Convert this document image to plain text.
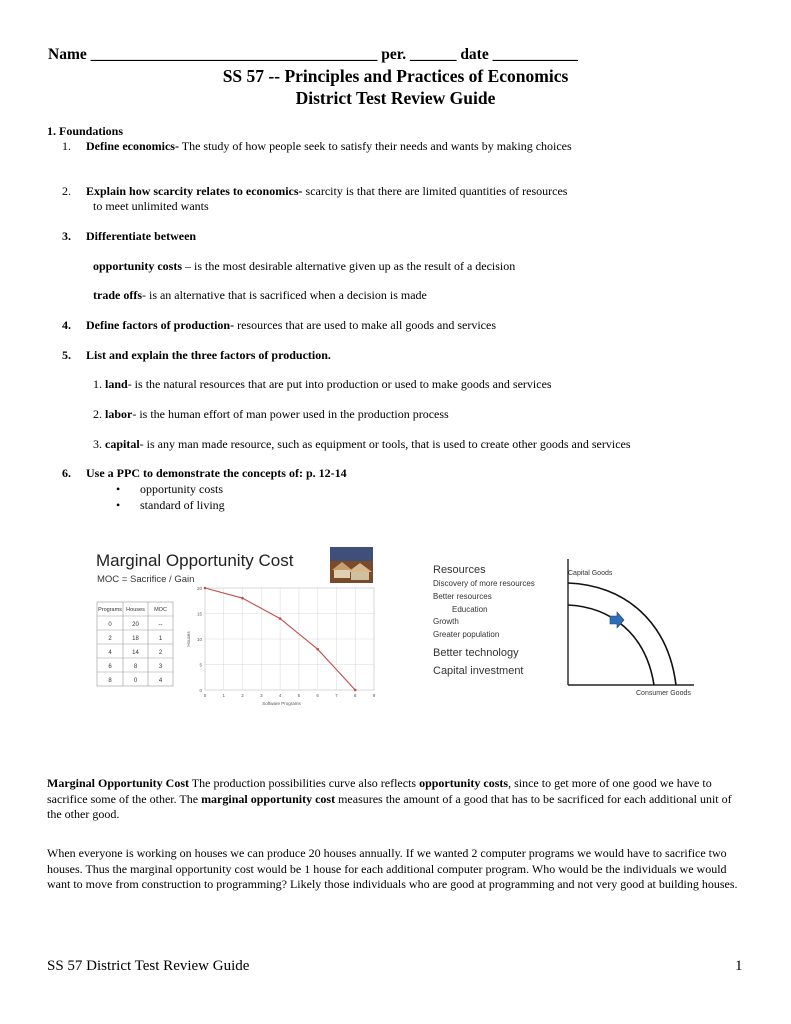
Name _____________________________________ per. ______ date ___________
SS 57 -- Principles and Practices of Economics
District Test Review Guide
1. Foundations
1. Define economics- The study of how people seek to satisfy their needs and wants by making choices
2. Explain how scarcity relates to economics- scarcity is that there are limited quantities of resources
to meet unlimited wants
3. Differentiate between
opportunity costs – is the most desirable alternative given up as the result of a decision
trade offs- is an alternative that is sacrificed when a decision is made
4. Define factors of production- resources that are used to make all goods and services
5. List and explain the three factors of production.
1. land- is the natural resources that are put into production or used to make goods and services
2. labor- is the human effort of man power used in the production process
3. capital- is any man made resource, such as equipment or tools, that is used to create other goods and services
6. Use a PPC to demonstrate the concepts of: p. 12-14
• opportunity costs
• standard of living
Marginal Opportunity Cost
MOC = Sacrifice / Gain
Programs Houses MOC
0	20	--
2	18	1
4	14	2
6	8	3
8	0	4
20
15
10
5
0
0	1	2	3	4	5	6	7	8	9
Houses
Software Programs
Resources
Discovery of more resources
Better resources
Education
Growth
Greater population
Better technology
Capital investment
Capital Goods
Consumer Goods
Marginal Opportunity Cost The production possibilities curve also reflects opportunity costs, since to get more of one good we have to sacrifice some of the other. The marginal opportunity cost measures the amount of a good that has to be sacrificed for each additional unit of the other good.
When everyone is working on houses we can produce 20 houses annually. If we wanted 2 computer programs we would have to sacrifice two houses. Thus the marginal opportunity cost would be 1 house for each additional computer program. Who would be the individuals we would want to move from construction to programming? Likely those individuals who are good at programming and not very good at building houses.
SS 57 District Test Review Guide	1
